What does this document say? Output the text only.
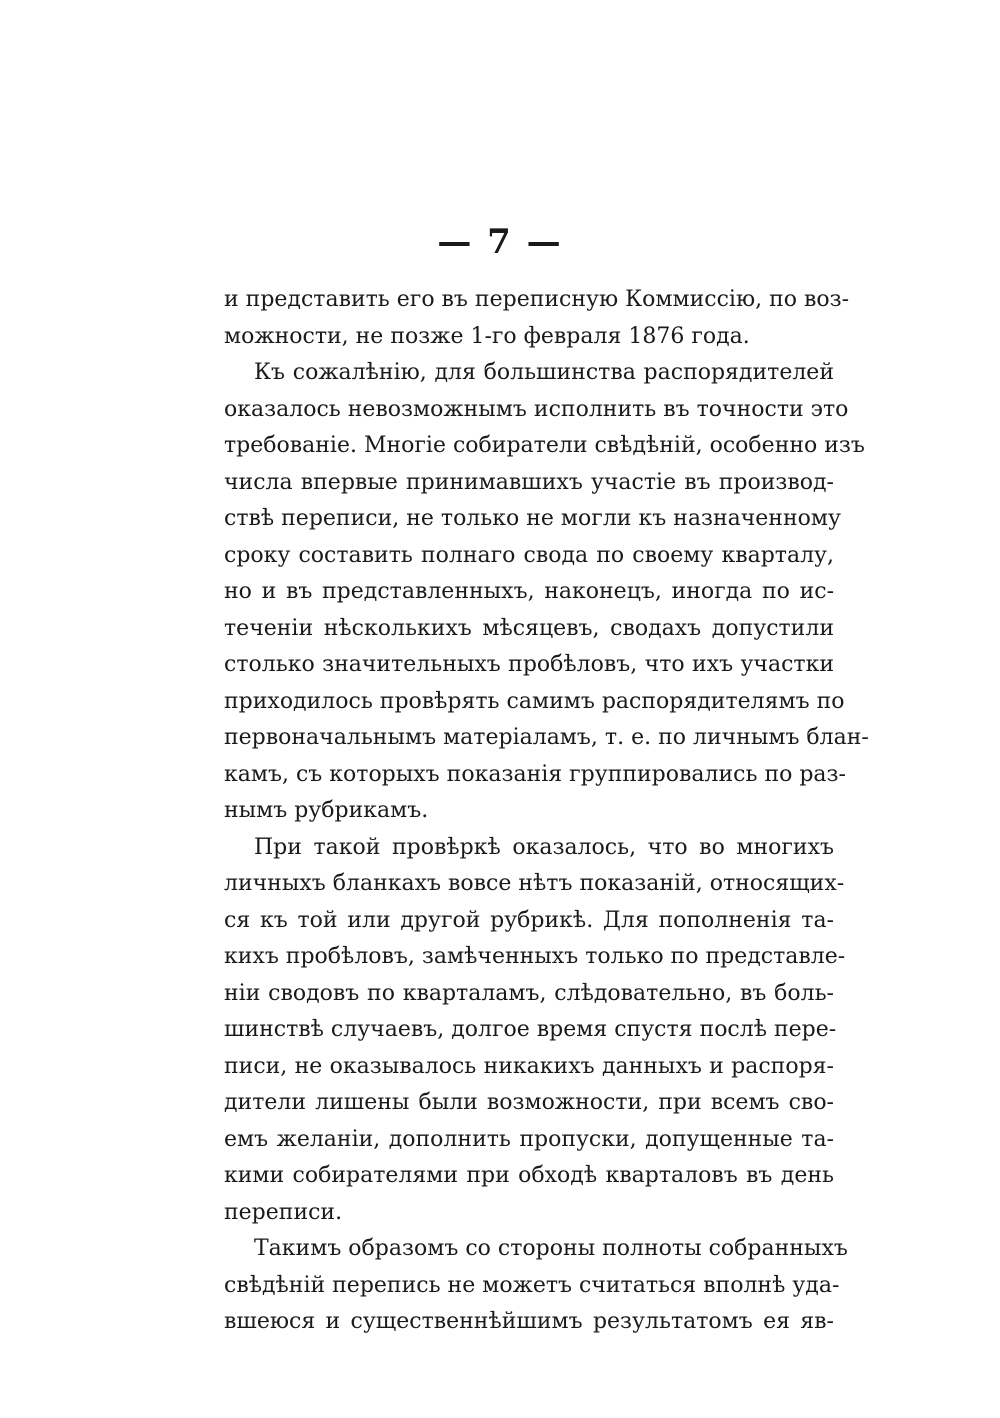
— 7 —
и представить его въ переписную Коммиссію, по воз-
можности, не позже 1-го февраля 1876 года.
Къ сожалѣнію, для большинства распорядителей
оказалось невозможнымъ исполнить въ точности это
требованіе. Многіе собиратели свѣдѣній, особенно изъ
числа впервые принимавшихъ участіе въ производ-
ствѣ переписи, не только не могли къ назначенному
сроку составить полнаго свода по своему кварталу,
но и въ представленныхъ, наконецъ, иногда по ис-
теченіи нѣсколькихъ мѣсяцевъ, сводахъ допустили
столько значительныхъ пробѣловъ, что ихъ участки
приходилось провѣрять самимъ распорядителямъ по
первоначальнымъ матеріаламъ, т. е. по личнымъ блан-
камъ, съ которыхъ показанія группировались по раз-
нымъ рубрикамъ.
При такой провѣркѣ оказалось, что во многихъ
личныхъ бланкахъ вовсе нѣтъ показаній, относящих-
ся къ той или другой рубрикѣ. Для пополненія та-
кихъ пробѣловъ, замѣченныхъ только по представле-
ніи сводовъ по кварталамъ, слѣдовательно, въ боль-
шинствѣ случаевъ, долгое время спустя послѣ пере-
писи, не оказывалось никакихъ данныхъ и распоря-
дители лишены были возможности, при всемъ сво-
емъ желаніи, дополнить пропуски, допущенные та-
кими собирателями при обходѣ кварталовъ въ день
переписи.
Такимъ образомъ со стороны полноты собранныхъ
свѣдѣній перепись не можетъ считаться вполнѣ уда-
вшеюся и существеннѣйшимъ результатомъ ея яв-
